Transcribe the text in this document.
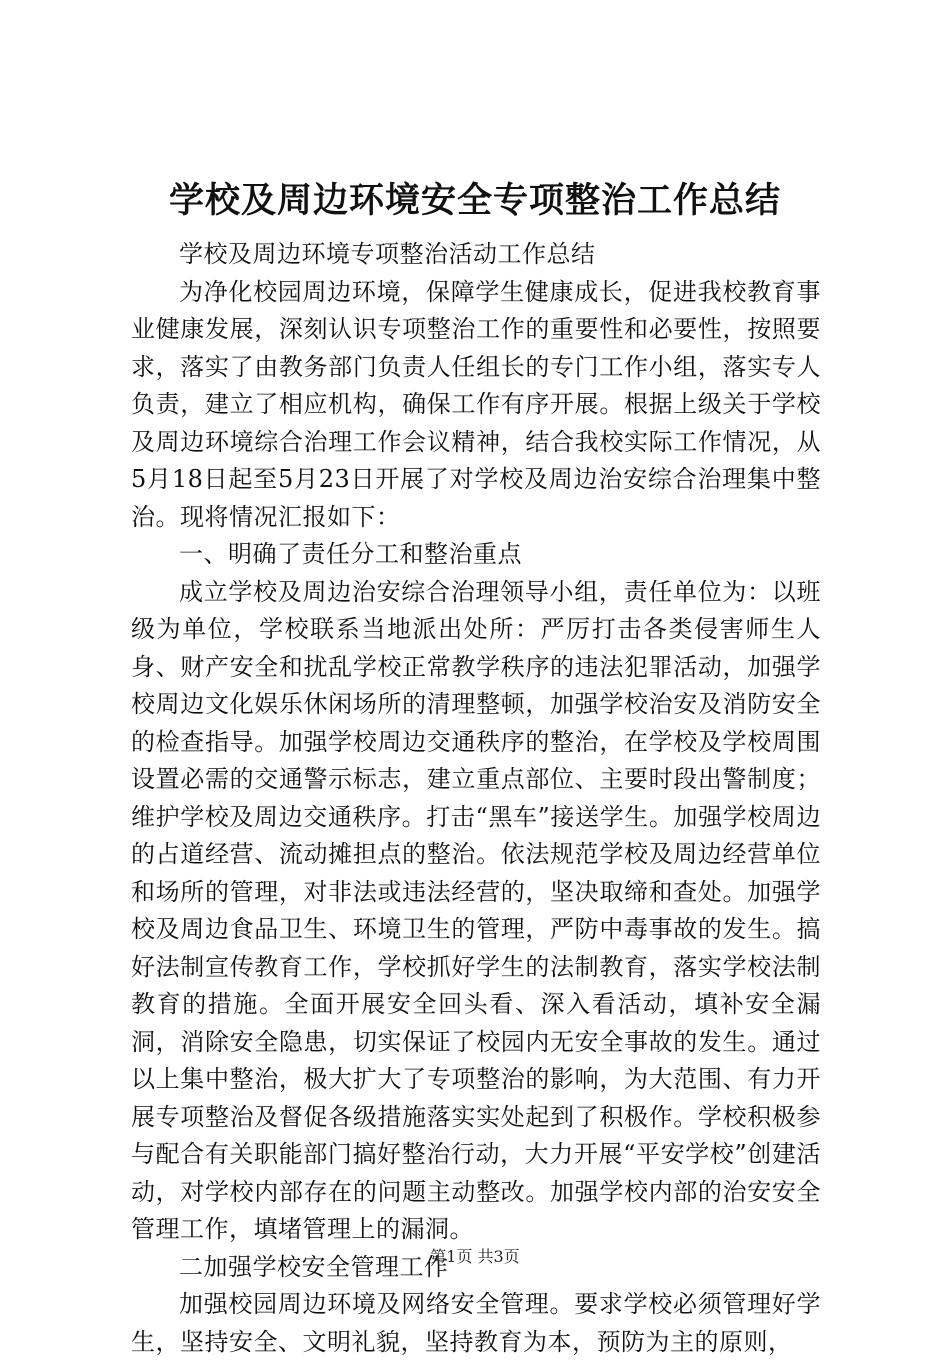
学校及周边环境安全专项整治工作总结

学校及周边环境专项整治活动工作总结

为净化校园周边环境，保障学生健康成长，促进我校教育事业健康发展，深刻认识专项整治工作的重要性和必要性，按照要求，落实了由教务部门负责人任组长的专门工作小组，落实专人负责，建立了相应机构，确保工作有序开展。根据上级关于学校及周边环境综合治理工作会议精神，结合我校实际工作情况，从5月18日起至5月23日开展了对学校及周边治安综合治理集中整治。现将情况汇报如下：

一、明确了责任分工和整治重点

成立学校及周边治安综合治理领导小组，责任单位为：以班级为单位，学校联系当地派出处所：严厉打击各类侵害师生人身、财产安全和扰乱学校正常教学秩序的违法犯罪活动，加强学校周边文化娱乐休闲场所的清理整顿，加强学校治安及消防安全的检查指导。加强学校周边交通秩序的整治，在学校及学校周围设置必需的交通警示标志，建立重点部位、主要时段出警制度；维护学校及周边交通秩序。打击“黑车”接送学生。加强学校周边的占道经营、流动摊担点的整治。依法规范学校及周边经营单位和场所的管理，对非法或违法经营的，坚决取缔和查处。加强学校及周边食品卫生、环境卫生的管理，严防中毒事故的发生。搞好法制宣传教育工作，学校抓好学生的法制教育，落实学校法制教育的措施。全面开展安全回头看、深入看活动，填补安全漏洞，消除安全隐患，切实保证了校园内无安全事故的发生。通过以上集中整治，极大扩大了专项整治的影响，为大范围、有力开展专项整治及督促各级措施落实实处起到了积极作。学校积极参与配合有关职能部门搞好整治行动，大力开展“平安学校”创建活动，对学校内部存在的问题主动整改。加强学校内部的治安安全管理工作，填堵管理上的漏洞。

二加强学校安全管理工作

加强校园周边环境及网络安全管理。要求学校必须管理好学生，坚持安全、文明礼貌，坚持教育为本，预防为主的原则，

第1页 共3页
